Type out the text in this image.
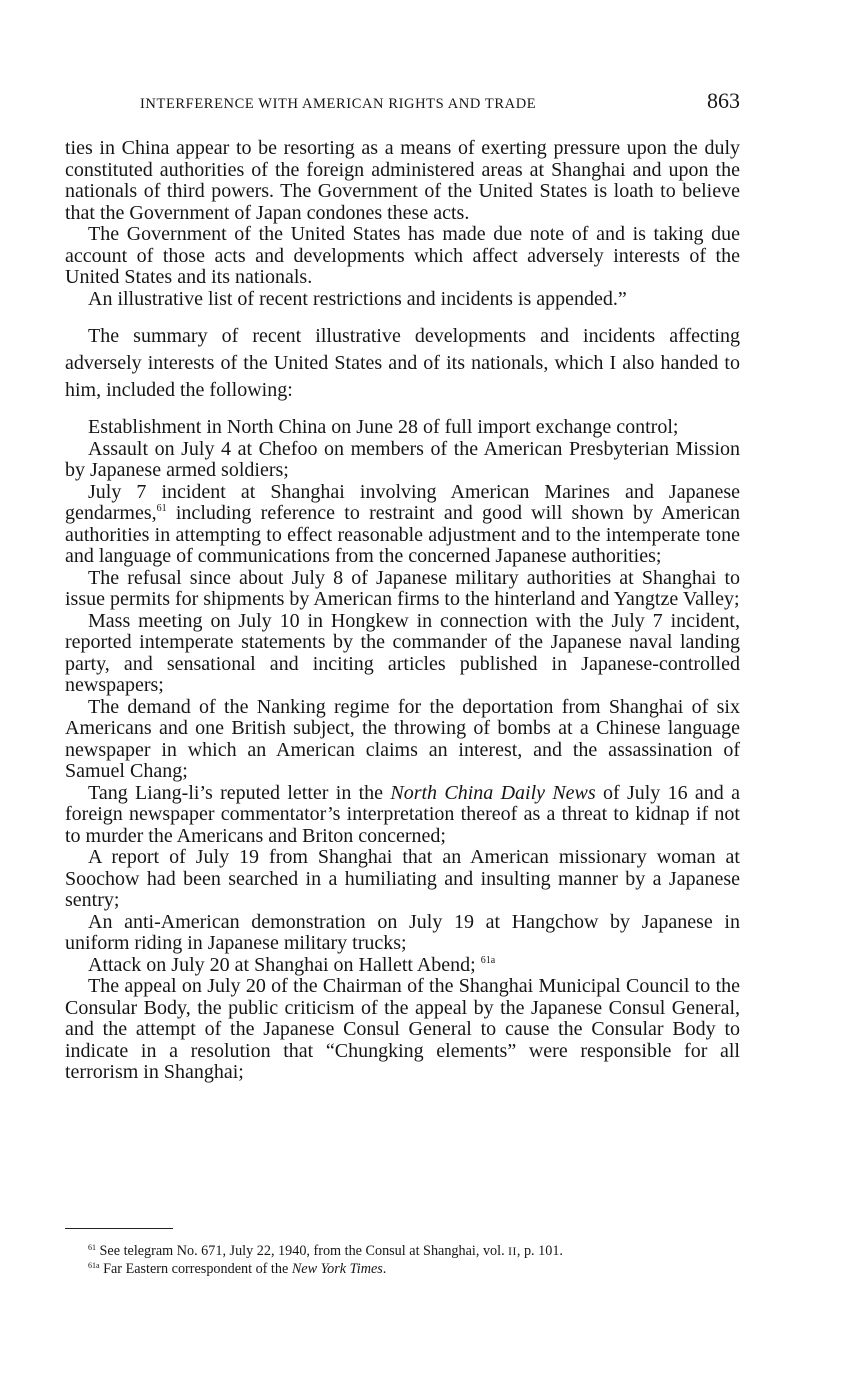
INTERFERENCE WITH AMERICAN RIGHTS AND TRADE	863

ties in China appear to be resorting as a means of exerting pressure upon the duly constituted authorities of the foreign administered areas at Shanghai and upon the nationals of third powers. The Government of the United States is loath to believe that the Government of Japan condones these acts.

The Government of the United States has made due note of and is taking due account of those acts and developments which affect adversely interests of the United States and its nationals.

An illustrative list of recent restrictions and incidents is appended.”

The summary of recent illustrative developments and incidents affecting adversely interests of the United States and of its nationals, which I also handed to him, included the following:

Establishment in North China on June 28 of full import exchange control;

Assault on July 4 at Chefoo on members of the American Presbyterian Mission by Japanese armed soldiers;

July 7 incident at Shanghai involving American Marines and Japanese gendarmes,$^{61}$ including reference to restraint and good will shown by American authorities in attempting to effect reasonable adjustment and to the intemperate tone and language of communications from the concerned Japanese authorities;

The refusal since about July 8 of Japanese military authorities at Shanghai to issue permits for shipments by American firms to the hinterland and Yangtze Valley;

Mass meeting on July 10 in Hongkew in connection with the July 7 incident, reported intemperate statements by the commander of the Japanese naval landing party, and sensational and inciting articles published in Japanese-controlled newspapers;

The demand of the Nanking regime for the deportation from Shanghai of six Americans and one British subject, the throwing of bombs at a Chinese language newspaper in which an American claims an interest, and the assassination of Samuel Chang;

Tang Liang-li’s reputed letter in the North China Daily News of July 16 and a foreign newspaper commentator’s interpretation thereof as a threat to kidnap if not to murder the Americans and Briton concerned;

A report of July 19 from Shanghai that an American missionary woman at Soochow had been searched in a humiliating and insulting manner by a Japanese sentry;

An anti-American demonstration on July 19 at Hangchow by Japanese in uniform riding in Japanese military trucks;

Attack on July 20 at Shanghai on Hallett Abend; $^{61a}$

The appeal on July 20 of the Chairman of the Shanghai Municipal Council to the Consular Body, the public criticism of the appeal by the Japanese Consul General, and the attempt of the Japanese Consul General to cause the Consular Body to indicate in a resolution that “Chungking elements” were responsible for all terrorism in Shanghai;

$^{61}$ See telegram No. 671, July 22, 1940, from the Consul at Shanghai, vol. II, p. 101.

$^{61a}$ Far Eastern correspondent of the New York Times.
